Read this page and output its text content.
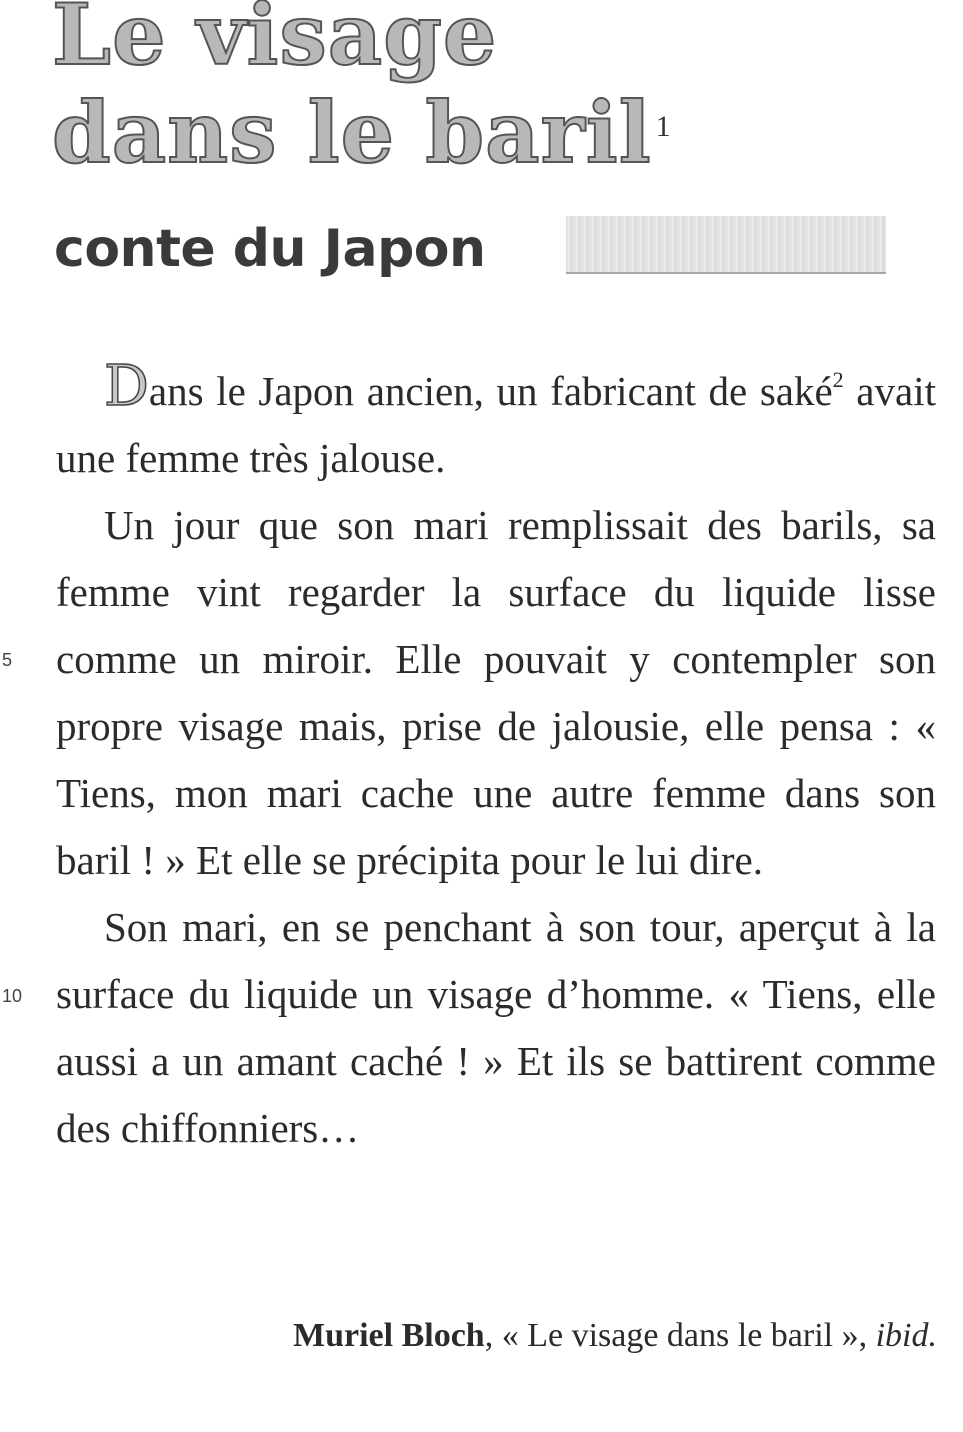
Le visage
dans le baril $^1$
conte du Japon
5
10

Dans le Japon ancien, un fabricant de saké$^2$ avait une femme très jalouse.

Un jour que son mari remplissait des barils, sa femme vint regarder la surface du liquide lisse comme un miroir. Elle pouvait y contempler son propre visage mais, prise de jalousie, elle pensa : « Tiens, mon mari cache une autre femme dans son baril ! » Et elle se précipita pour le lui dire.

Son mari, en se penchant à son tour, aperçut à la surface du liquide un visage d’homme. « Tiens, elle aussi a un amant caché ! » Et ils se battirent comme des chiffonniers…

Muriel Bloch, « Le visage dans le baril », ibid.
